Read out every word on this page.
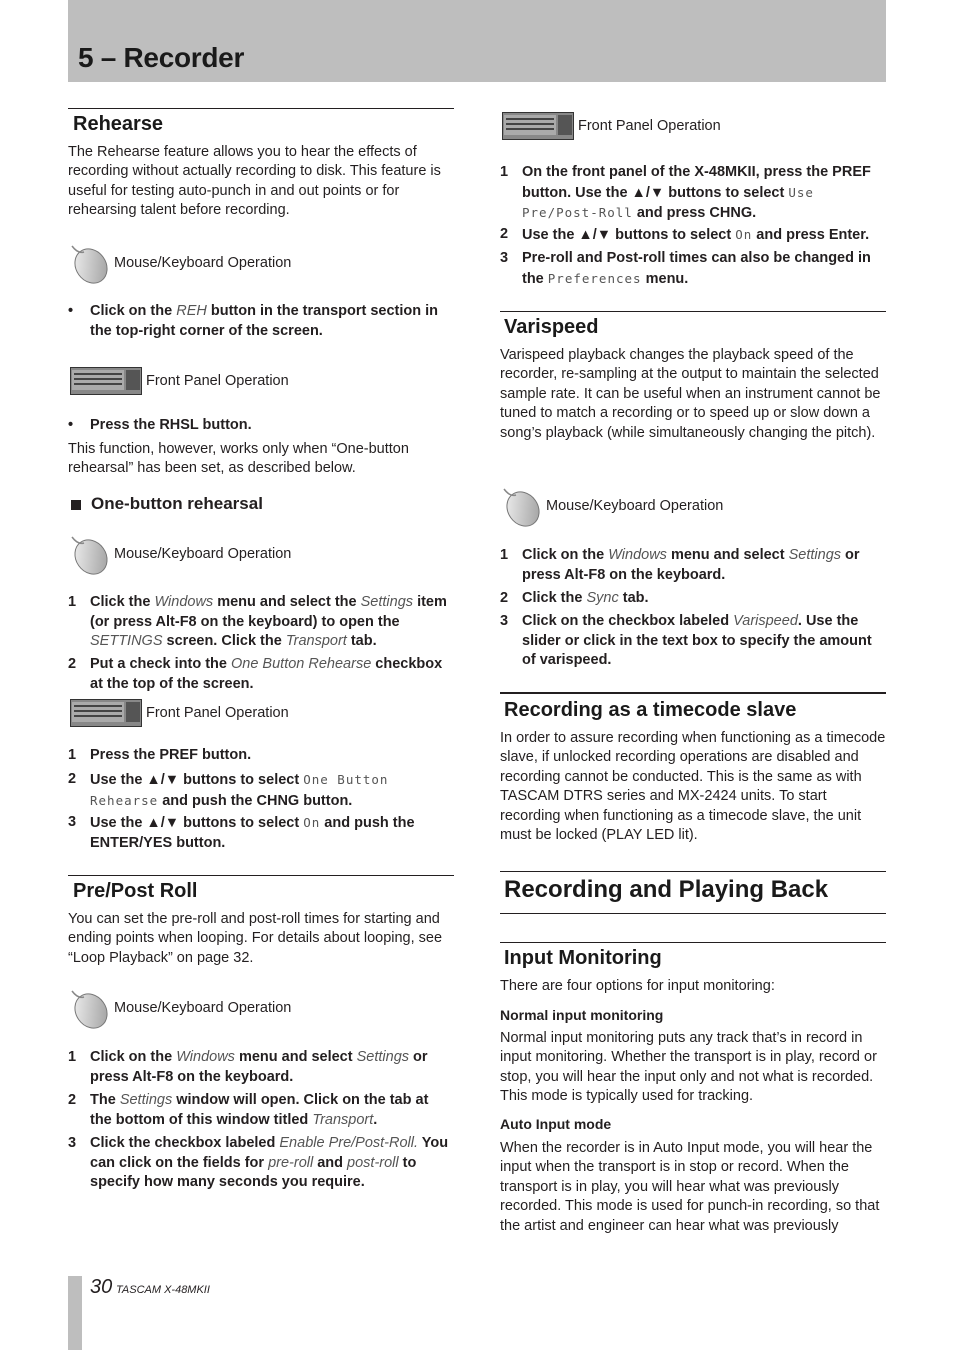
5 – Recorder
Rehearse
The Rehearse feature allows you to hear the effects of recording without actually recording to disk. This feature is useful for testing auto-punch in and out points or for rehearsing talent before recording.
Mouse/Keyboard Operation
• Click on the REH button in the transport section in the top-right corner of the screen.
Front Panel Operation
• Press the RHSL button.
This function, however, works only when “One-button rehearsal” has been set, as described below.
One-button rehearsal
Mouse/Keyboard Operation
1 Click the Windows menu and select the Settings item (or press Alt-F8 on the keyboard) to open the SETTINGS screen. Click the Transport tab.
2 Put a check into the One Button Rehearse checkbox at the top of the screen.
Front Panel Operation
1 Press the PREF button.
2 Use the ▲/▼ buttons to select One Button Rehearse and push the CHNG button.
3 Use the ▲/▼ buttons to select On and push the ENTER/YES button.
Pre/Post Roll
You can set the pre-roll and post-roll times for starting and ending points when looping. For details about looping, see “Loop Playback” on page 32.
Mouse/Keyboard Operation
1 Click on the Windows menu and select Settings or press Alt-F8 on the keyboard.
2 The Settings window will open. Click on the tab at the bottom of this window titled Transport.
3 Click the checkbox labeled Enable Pre/Post-Roll. You can click on the fields for pre-roll and post-roll to specify how many seconds you require.
Front Panel Operation
1 On the front panel of the X-48MKII, press the PREF button. Use the ▲/▼ buttons to select Use Pre/Post-Roll and press CHNG.
2 Use the ▲/▼ buttons to select On and press Enter.
3 Pre-roll and Post-roll times can also be changed in the Preferences menu.
Varispeed
Varispeed playback changes the playback speed of the recorder, re-sampling at the output to maintain the selected sample rate. It can be useful when an instrument cannot be tuned to match a recording or to speed up or slow down a song’s playback (while simultaneously changing the pitch).
Mouse/Keyboard Operation
1 Click on the Windows menu and select Settings or press Alt-F8 on the keyboard.
2 Click the Sync tab.
3 Click on the checkbox labeled Varispeed. Use the slider or click in the text box to specify the amount of varispeed.
Recording as a timecode slave
In order to assure recording when functioning as a timecode slave, if unlocked recording operations are disabled and recording cannot be conducted. This is the same as with TASCAM DTRS series and MX-2424 units. To start recording when functioning as a timecode slave, the unit must be locked (PLAY LED lit).
Recording and Playing Back
Input Monitoring
There are four options for input monitoring:
Normal input monitoring
Normal input monitoring puts any track that’s in record in input monitoring. Whether the transport is in play, record or stop, you will hear the input only and not what is recorded. This mode is typically used for tracking.
Auto Input mode
When the recorder is in Auto Input mode, you will hear the input when the transport is in stop or record. When the transport is in play, you will hear what was previously recorded. This mode is used for punch-in recording, so that the artist and engineer can hear what was previously
30 TASCAM X-48MKII
